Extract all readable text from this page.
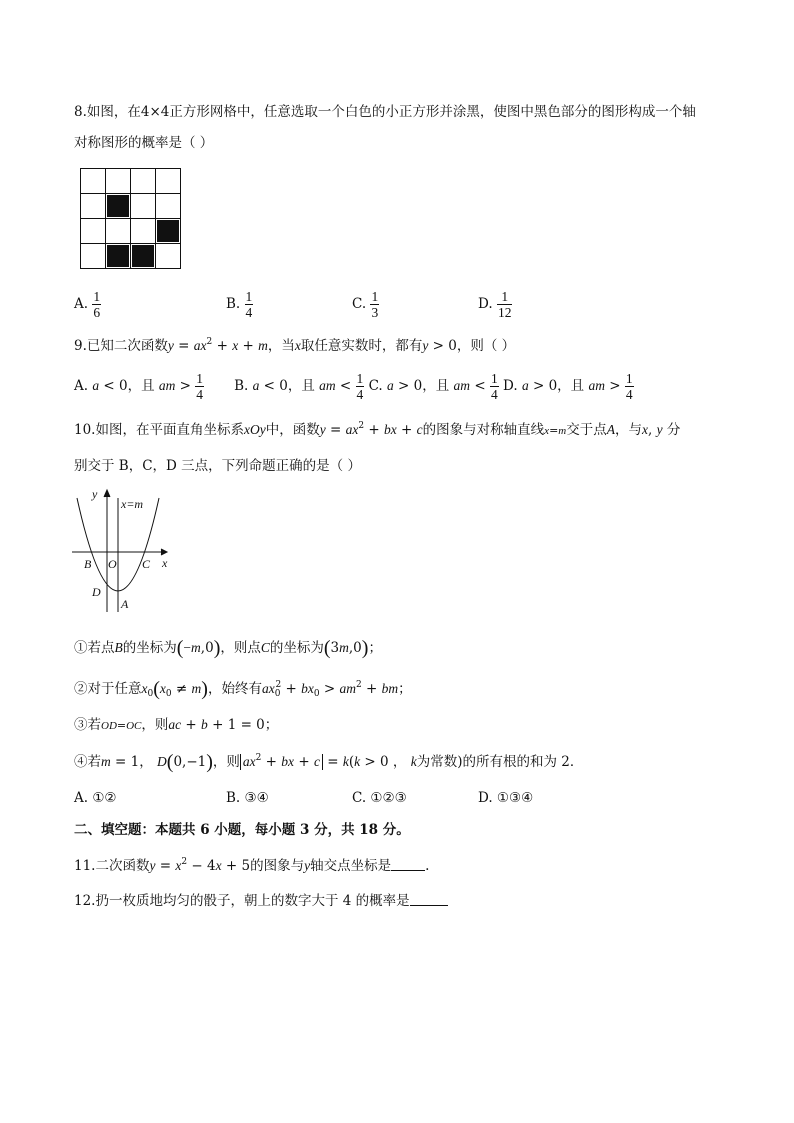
8.如图，在4×4正方形网格中，任意选取一个白色的小正方形并涂黑，使图中黑色部分的图形构成一个轴
对称图形的概率是（ ）
A. $\frac{1}{6}$	B. $\frac{1}{4}$	C. $\frac{1}{3}$	D. $\frac{1}{12}$
9.已知二次函数$y = ax^2 + x + m$，当x取任意实数时，都有y > 0，则（ ）
A. a < 0，且 am > $\frac{1}{4} B$. a < 0，且 am < $\frac{1}{4} C$. a > 0，且 am < $\frac{1}{4} D$. a > 0，且 am > $\frac{1}{4}$
10.如图，在平面直角坐标系xOy中，函数$y = ax^2$ + bx + c的图象与对称轴直线x=m交于点A，与x, y 分
别交于 B，C，D 三点，下列命题正确的是（ ）
y
x=m
B O C x
D
A
①若点B的坐标为(−m,0)，则点C的坐标为(3m,0)；
②对于任意$x_0(x_0 \ne m)$，始终有$ax_0^2 + bx_0 > am^2$ + bm；
③若OD=OC，则ac + b + 1 = 0；
④若m = 1， D(0,−1)，则 $ax^2$ + bx + c = k(k > 0 ， k为常数)的所有根的和为 2．
A. ①②	B. ③④	C. ①②③	D. ①③④
二、填空题：本题共 6 小题，每小题 3 分，共 18 分。
11.二次函数$y = x^2 - 4x + 5$的图象与y轴交点坐标是	.
12.扔一枚质地均匀的骰子，朝上的数字大于 4 的概率是
